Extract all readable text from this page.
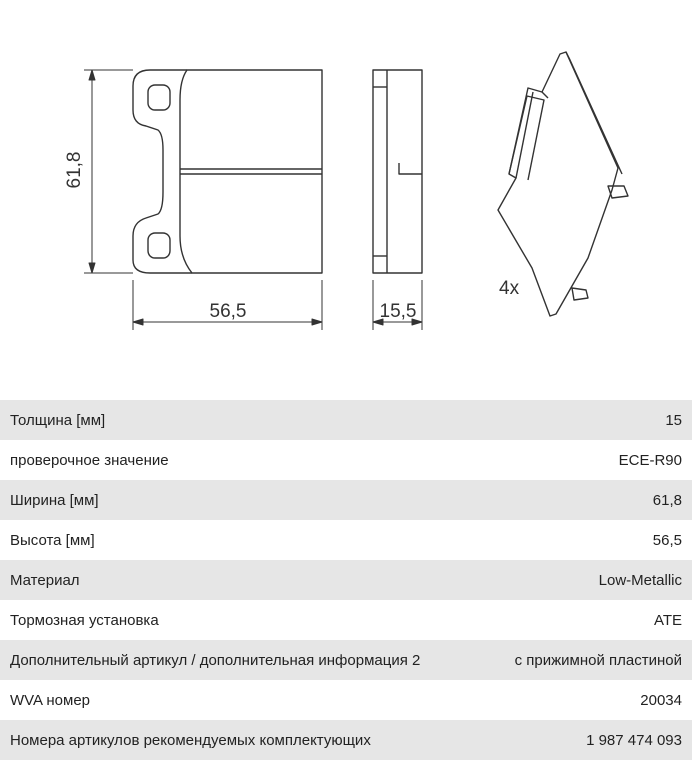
61,8
56,5	15,5
4x
Толщина [мм]	15
проверочное значение	ECE-R90
Ширина [мм]	61,8
Высота [мм]	56,5
Материал	Low-Metallic
Тормозная установка	ATE
Дополнительный артикул / дополнительная информация 2	с прижимной пластиной
WVA номер	20034
Номера артикулов рекомендуемых комплектующих	1 987 474 093
